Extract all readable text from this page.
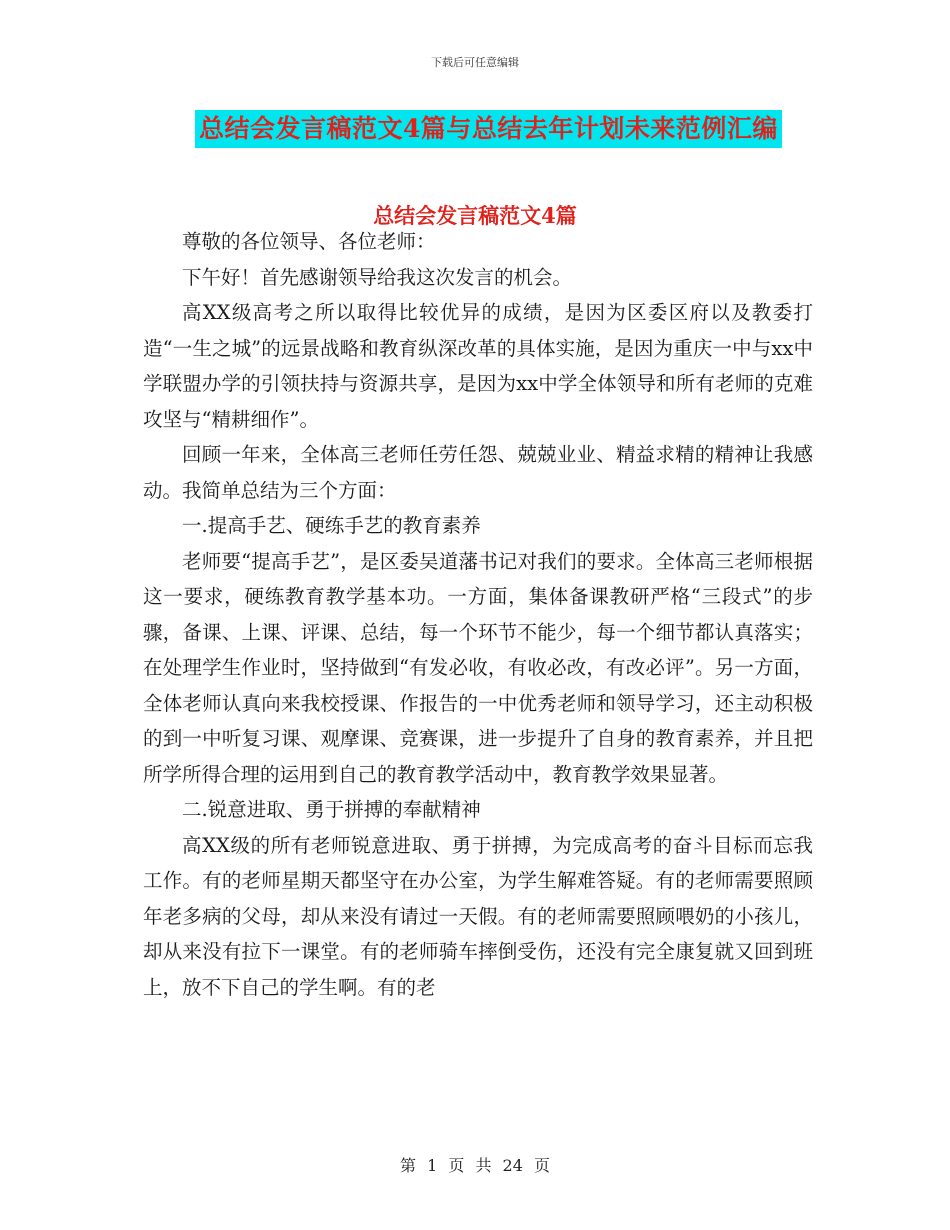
下载后可任意编辑
总结会发言稿范文4篇与总结去年计划未来范例汇编
总结会发言稿范文4篇

尊敬的各位领导、各位老师：

下午好！首先感谢领导给我这次发言的机会。

高XX级高考之所以取得比较优异的成绩，是因为区委区府以及教委打造“一生之城”的远景战略和教育纵深改革的具体实施，是因为重庆一中与xx中学联盟办学的引领扶持与资源共享，是因为xx中学全体领导和所有老师的克难攻坚与“精耕细作”。

回顾一年来，全体高三老师任劳任怨、兢兢业业、精益求精的精神让我感动。我简单总结为三个方面：

一.提高手艺、硬练手艺的教育素养

老师要“提高手艺”，是区委吴道藩书记对我们的要求。全体高三老师根据这一要求，硬练教育教学基本功。一方面，集体备课教研严格“三段式”的步骤，备课、上课、评课、总结，每一个环节不能少，每一个细节都认真落实；在处理学生作业时，坚持做到“有发必收，有收必改，有改必评”。另一方面，全体老师认真向来我校授课、作报告的一中优秀老师和领导学习，还主动积极的到一中听复习课、观摩课、竞赛课，进一步提升了自身的教育素养，并且把所学所得合理的运用到自己的教育教学活动中，教育教学效果显著。

二.锐意进取、勇于拼搏的奉献精神

高XX级的所有老师锐意进取、勇于拼搏，为完成高考的奋斗目标而忘我工作。有的老师星期天都坚守在办公室，为学生解难答疑。有的老师需要照顾年老多病的父母，却从来没有请过一天假。有的老师需要照顾喂奶的小孩儿，却从来没有拉下一课堂。有的老师骑车摔倒受伤，还没有完全康复就又回到班上，放不下自己的学生啊。有的老

第 1 页 共 24 页
